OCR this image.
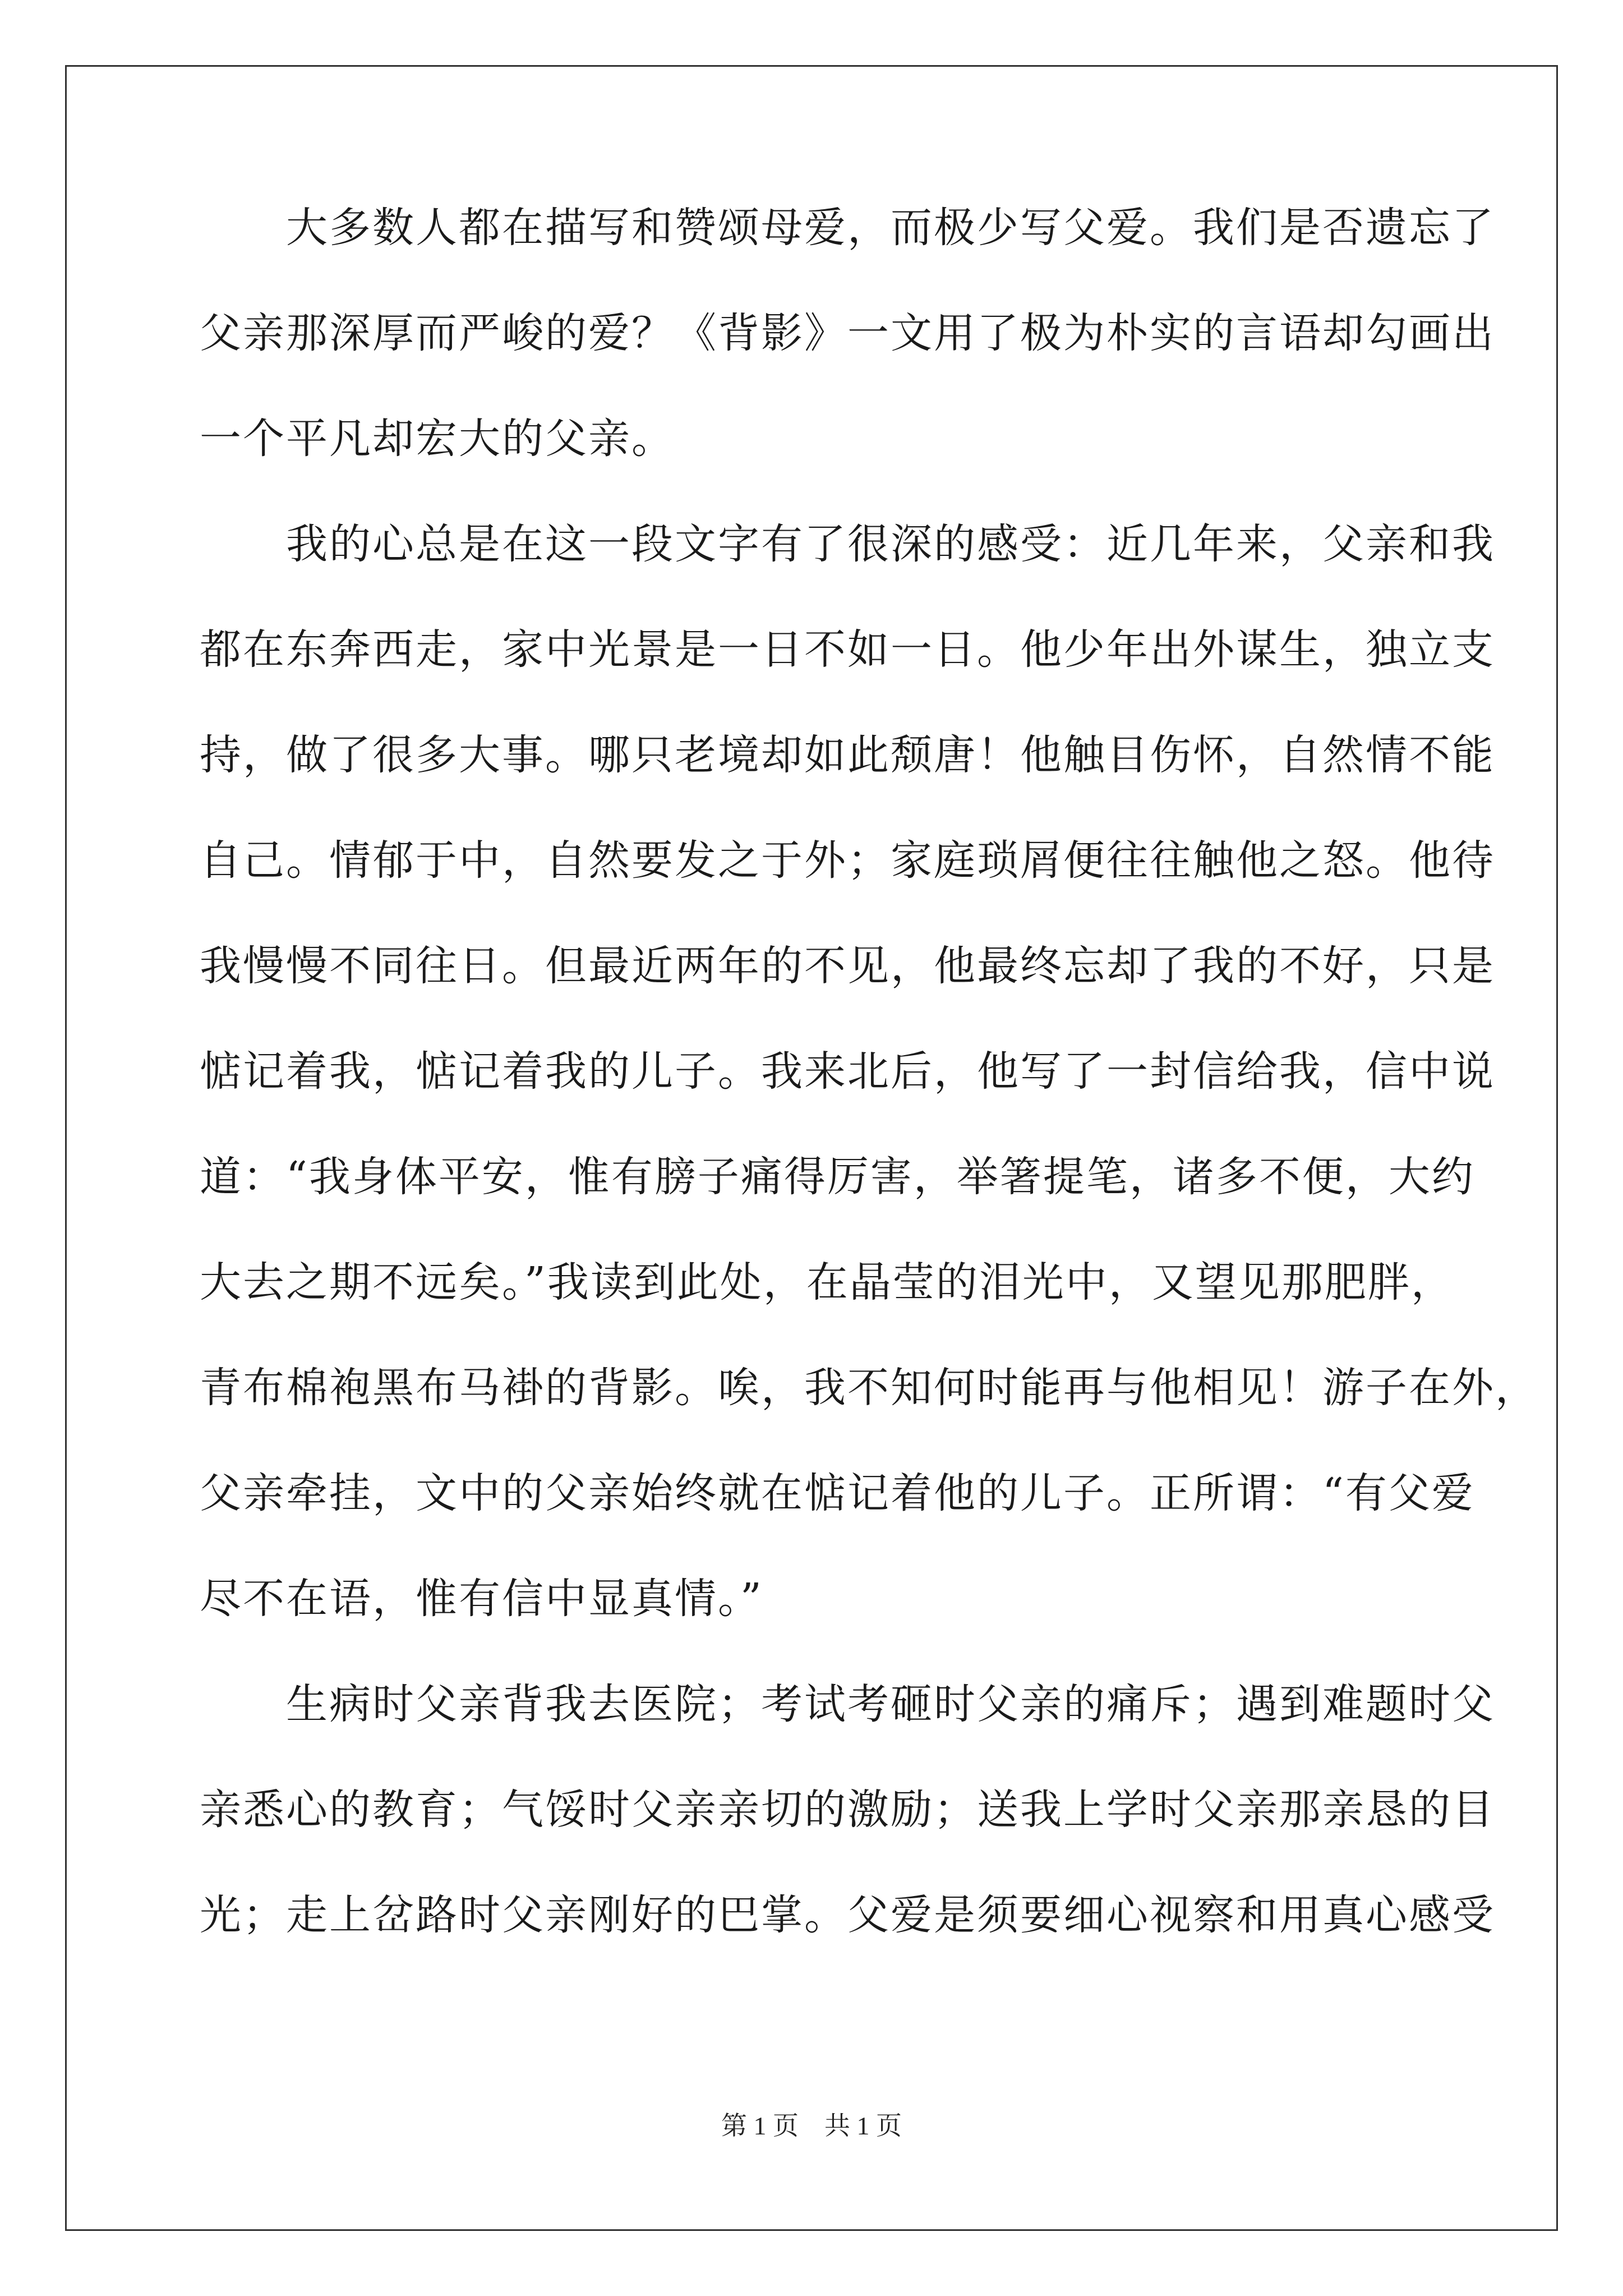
　　大多数人都在描写和赞颂母爱，而极少写父爱。我们是否遗忘了
父亲那深厚而严峻的爱？《背影》一文用了极为朴实的言语却勾画出
一个平凡却宏大的父亲。
　　我的心总是在这一段文字有了很深的感受：近几年来，父亲和我
都在东奔西走，家中光景是一日不如一日。他少年出外谋生，独立支
持，做了很多大事。哪只老境却如此颓唐！他触目伤怀，自然情不能
自己。情郁于中，自然要发之于外；家庭琐屑便往往触他之怒。他待
我慢慢不同往日。但最近两年的不见，他最终忘却了我的不好，只是
惦记着我，惦记着我的儿子。我来北后，他写了一封信给我，信中说
道：“我身体平安，惟有膀子痛得厉害，举箸提笔，诸多不便，大约
大去之期不远矣。”我读到此处，在晶莹的泪光中，又望见那肥胖，
青布棉袍黑布马褂的背影。唉，我不知何时能再与他相见！游子在外，
父亲牵挂，文中的父亲始终就在惦记着他的儿子。正所谓：“有父爱
尽不在语，惟有信中显真情。”
　　生病时父亲背我去医院；考试考砸时父亲的痛斥；遇到难题时父
亲悉心的教育；气馁时父亲亲切的激励；送我上学时父亲那亲恳的目
光；走上岔路时父亲刚好的巴掌。父爱是须要细心视察和用真心感受
第 1 页 共 1 页
